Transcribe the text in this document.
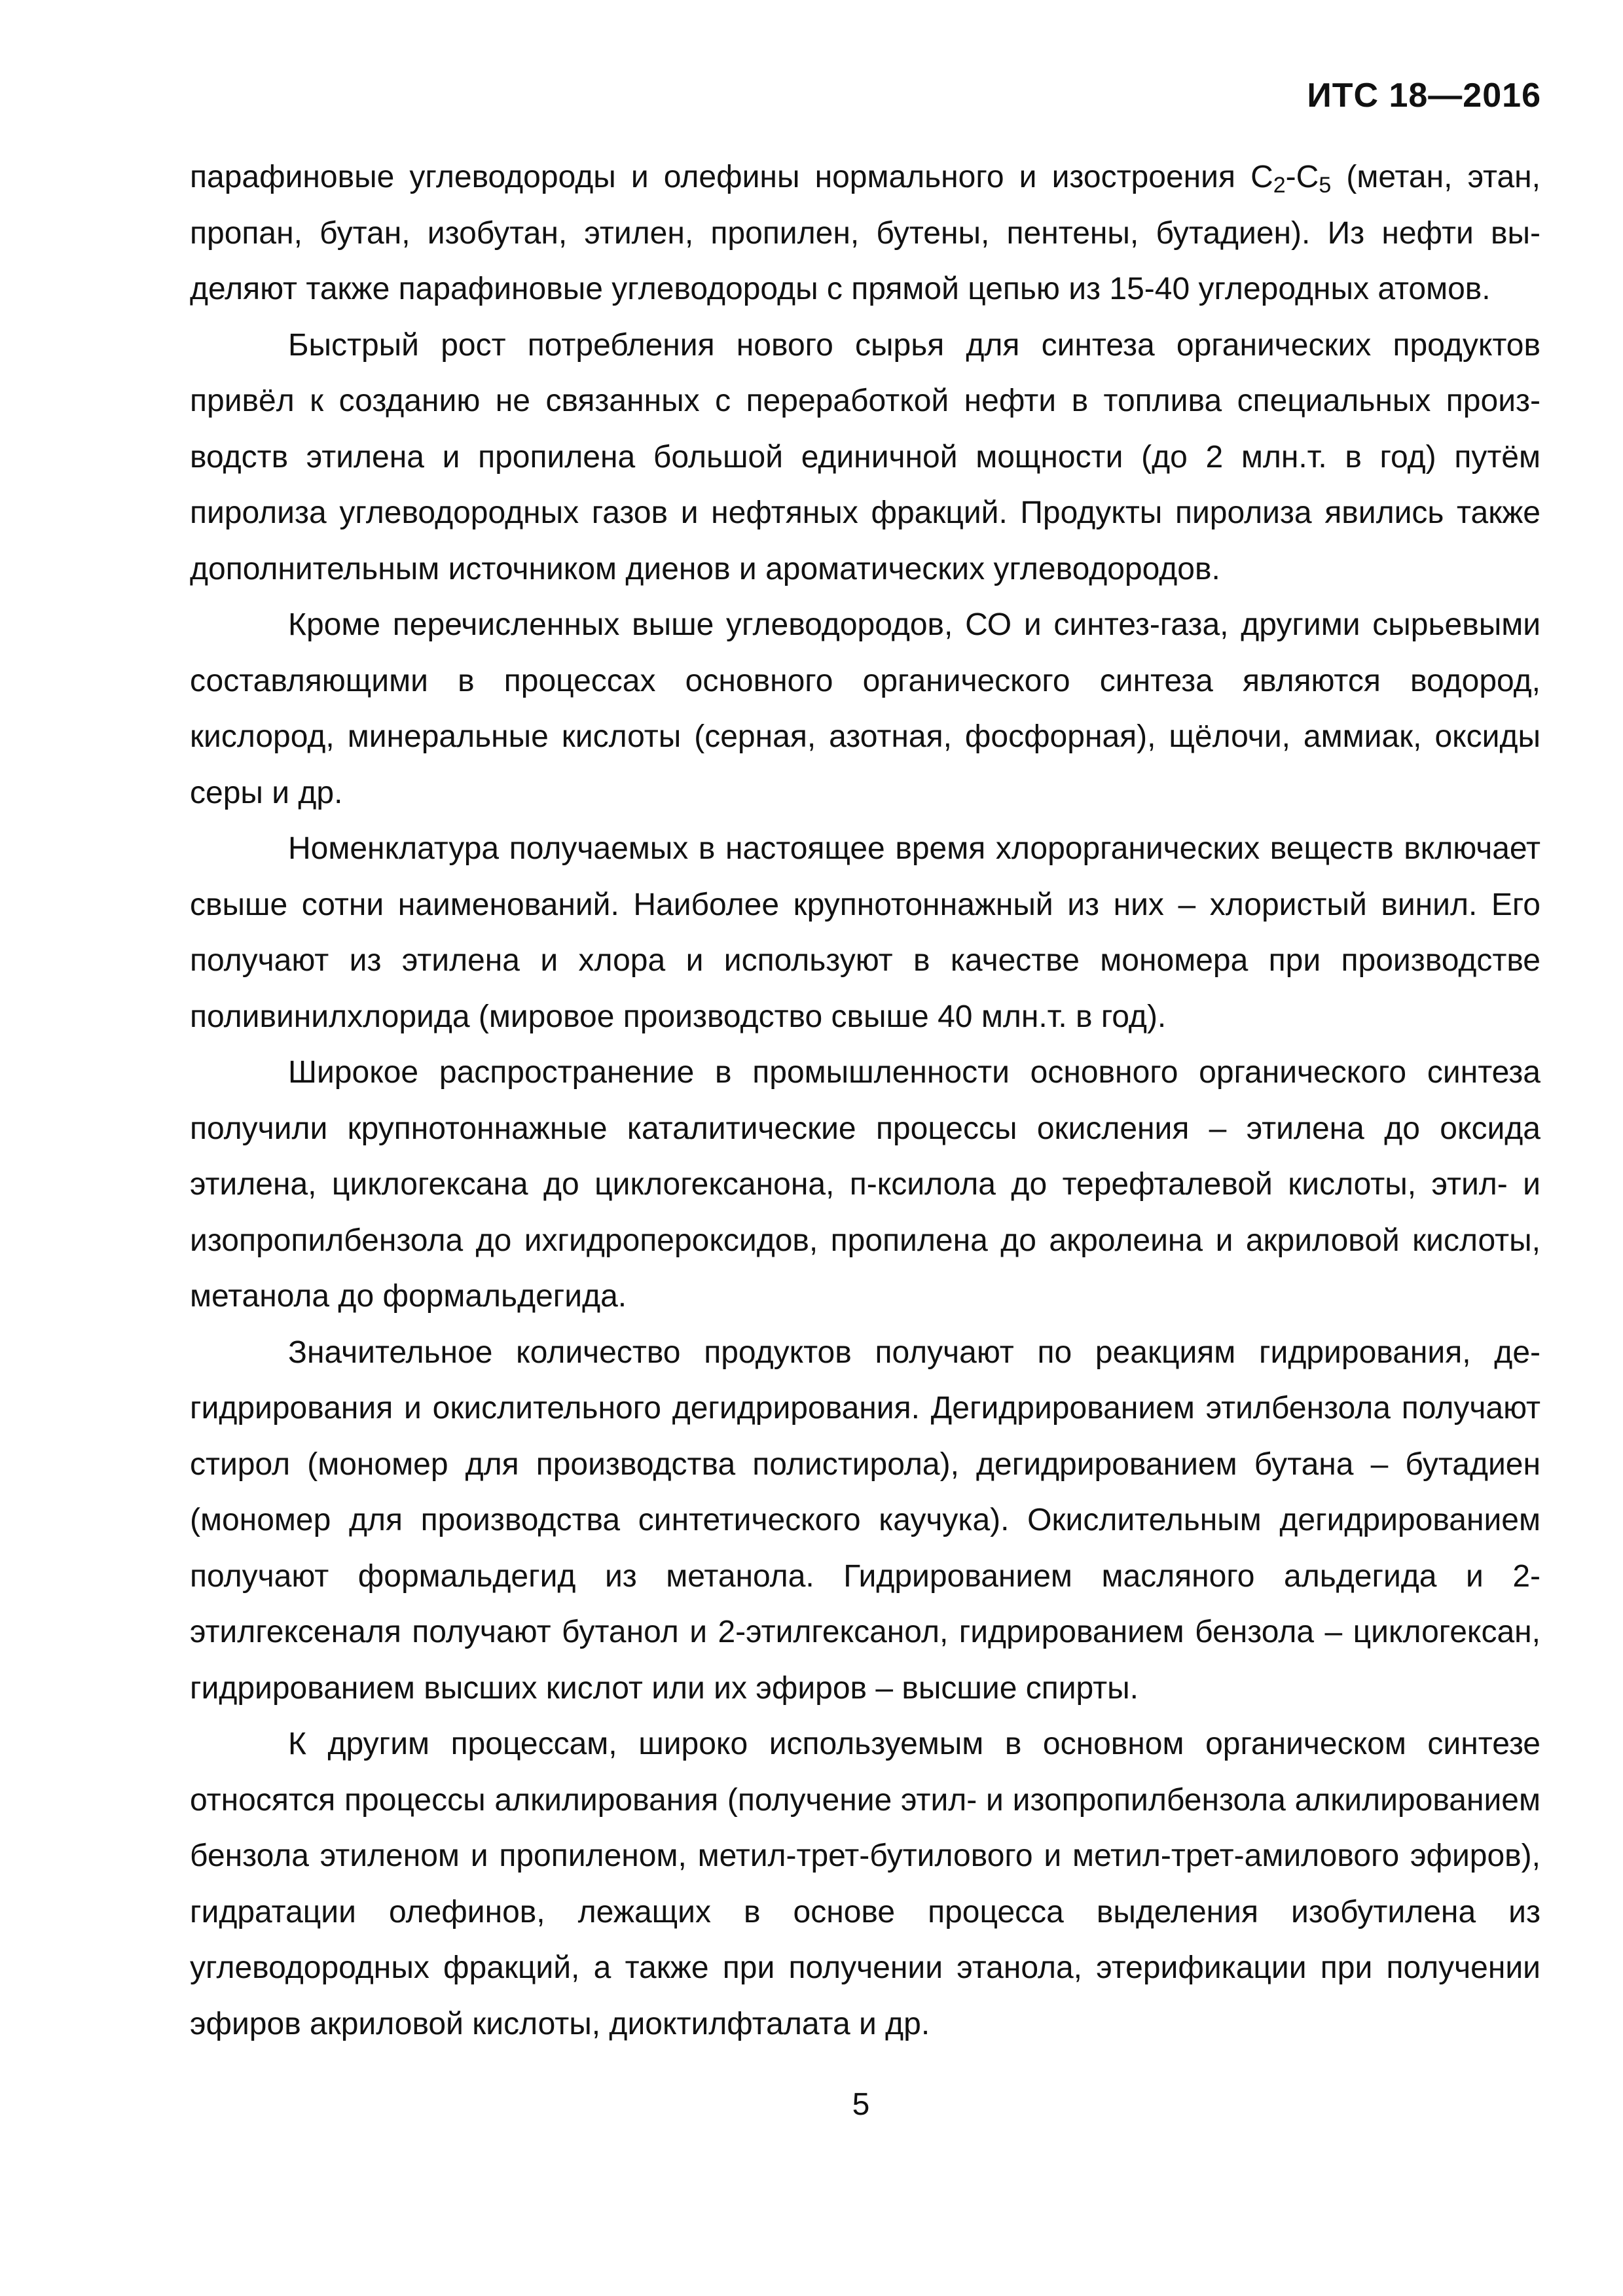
ИТС 18—2016

парафиновые углеводороды и олефины нормального и изостроения $С_2-С_5$ (метан, этан, пропан, бутан, изобутан, этилен, пропилен, бутены, пентены, бутадиен). Из нефти выделяют также парафиновые углеводороды с прямой цепью из 15-40 углеродных атомов.

Быстрый рост потребления нового сырья для синтеза органических продуктов привёл к созданию не связанных с переработкой нефти в топлива специальных производств этилена и пропилена большой единичной мощности (до 2 млн.т. в год) путём пиролиза углеводородных газов и нефтяных фракций. Продукты пиролиза явились также дополнительным источником диенов и ароматических углеводородов.

Кроме перечисленных выше углеводородов, СО и синтез-газа, другими сырьевыми составляющими в процессах основного органического синтеза являются водород, кислород, минеральные кислоты (серная, азотная, фосфорная), щёлочи, аммиак, оксиды серы и др.

Номенклатура получаемых в настоящее время хлорорганических веществ включает свыше сотни наименований. Наиболее крупнотоннажный из них – хлористый винил. Его получают из этилена и хлора и используют в качестве мономера при производстве поливинилхлорида (мировое производство свыше 40 млн.т. в год).

Широкое распространение в промышленности основного органического синтеза получили крупнотоннажные каталитические процессы окисления – этилена до оксида этилена, циклогексана до циклогексанона, п-ксилола до терефталевой кислоты, этил- и изопропилбензола до ихгидропероксидов, пропилена до акролеина и акриловой кислоты, метанола до формальдегида.

Значительное количество продуктов получают по реакциям гидрирования, дегидрирования и окислительного дегидрирования. Дегидрированием этилбензола получают стирол (мономер для производства полистирола), дегидрированием бутана – бутадиен (мономер для производства синтетического каучука). Окислительным дегидрированием получают формальдегид из метанола. Гидрированием масляного альдегида и 2-этилгексеналя получают бутанол и 2-этилгексанол, гидрированием бензола – циклогексан, гидрированием высших кислот или их эфиров – высшие спирты.

К другим процессам, широко используемым в основном органическом синтезе относятся процессы алкилирования (получение этил- и изопропилбензола алкилированием бензола этиленом и пропиленом, метил-трет-бутилового и метил-трет-амилового эфиров), гидратации олефинов, лежащих в основе процесса выделения изобутилена из углеводородных фракций, а также при получении этанола, этерификации при получении эфиров акриловой кислоты, диоктилфталата и др.

5
